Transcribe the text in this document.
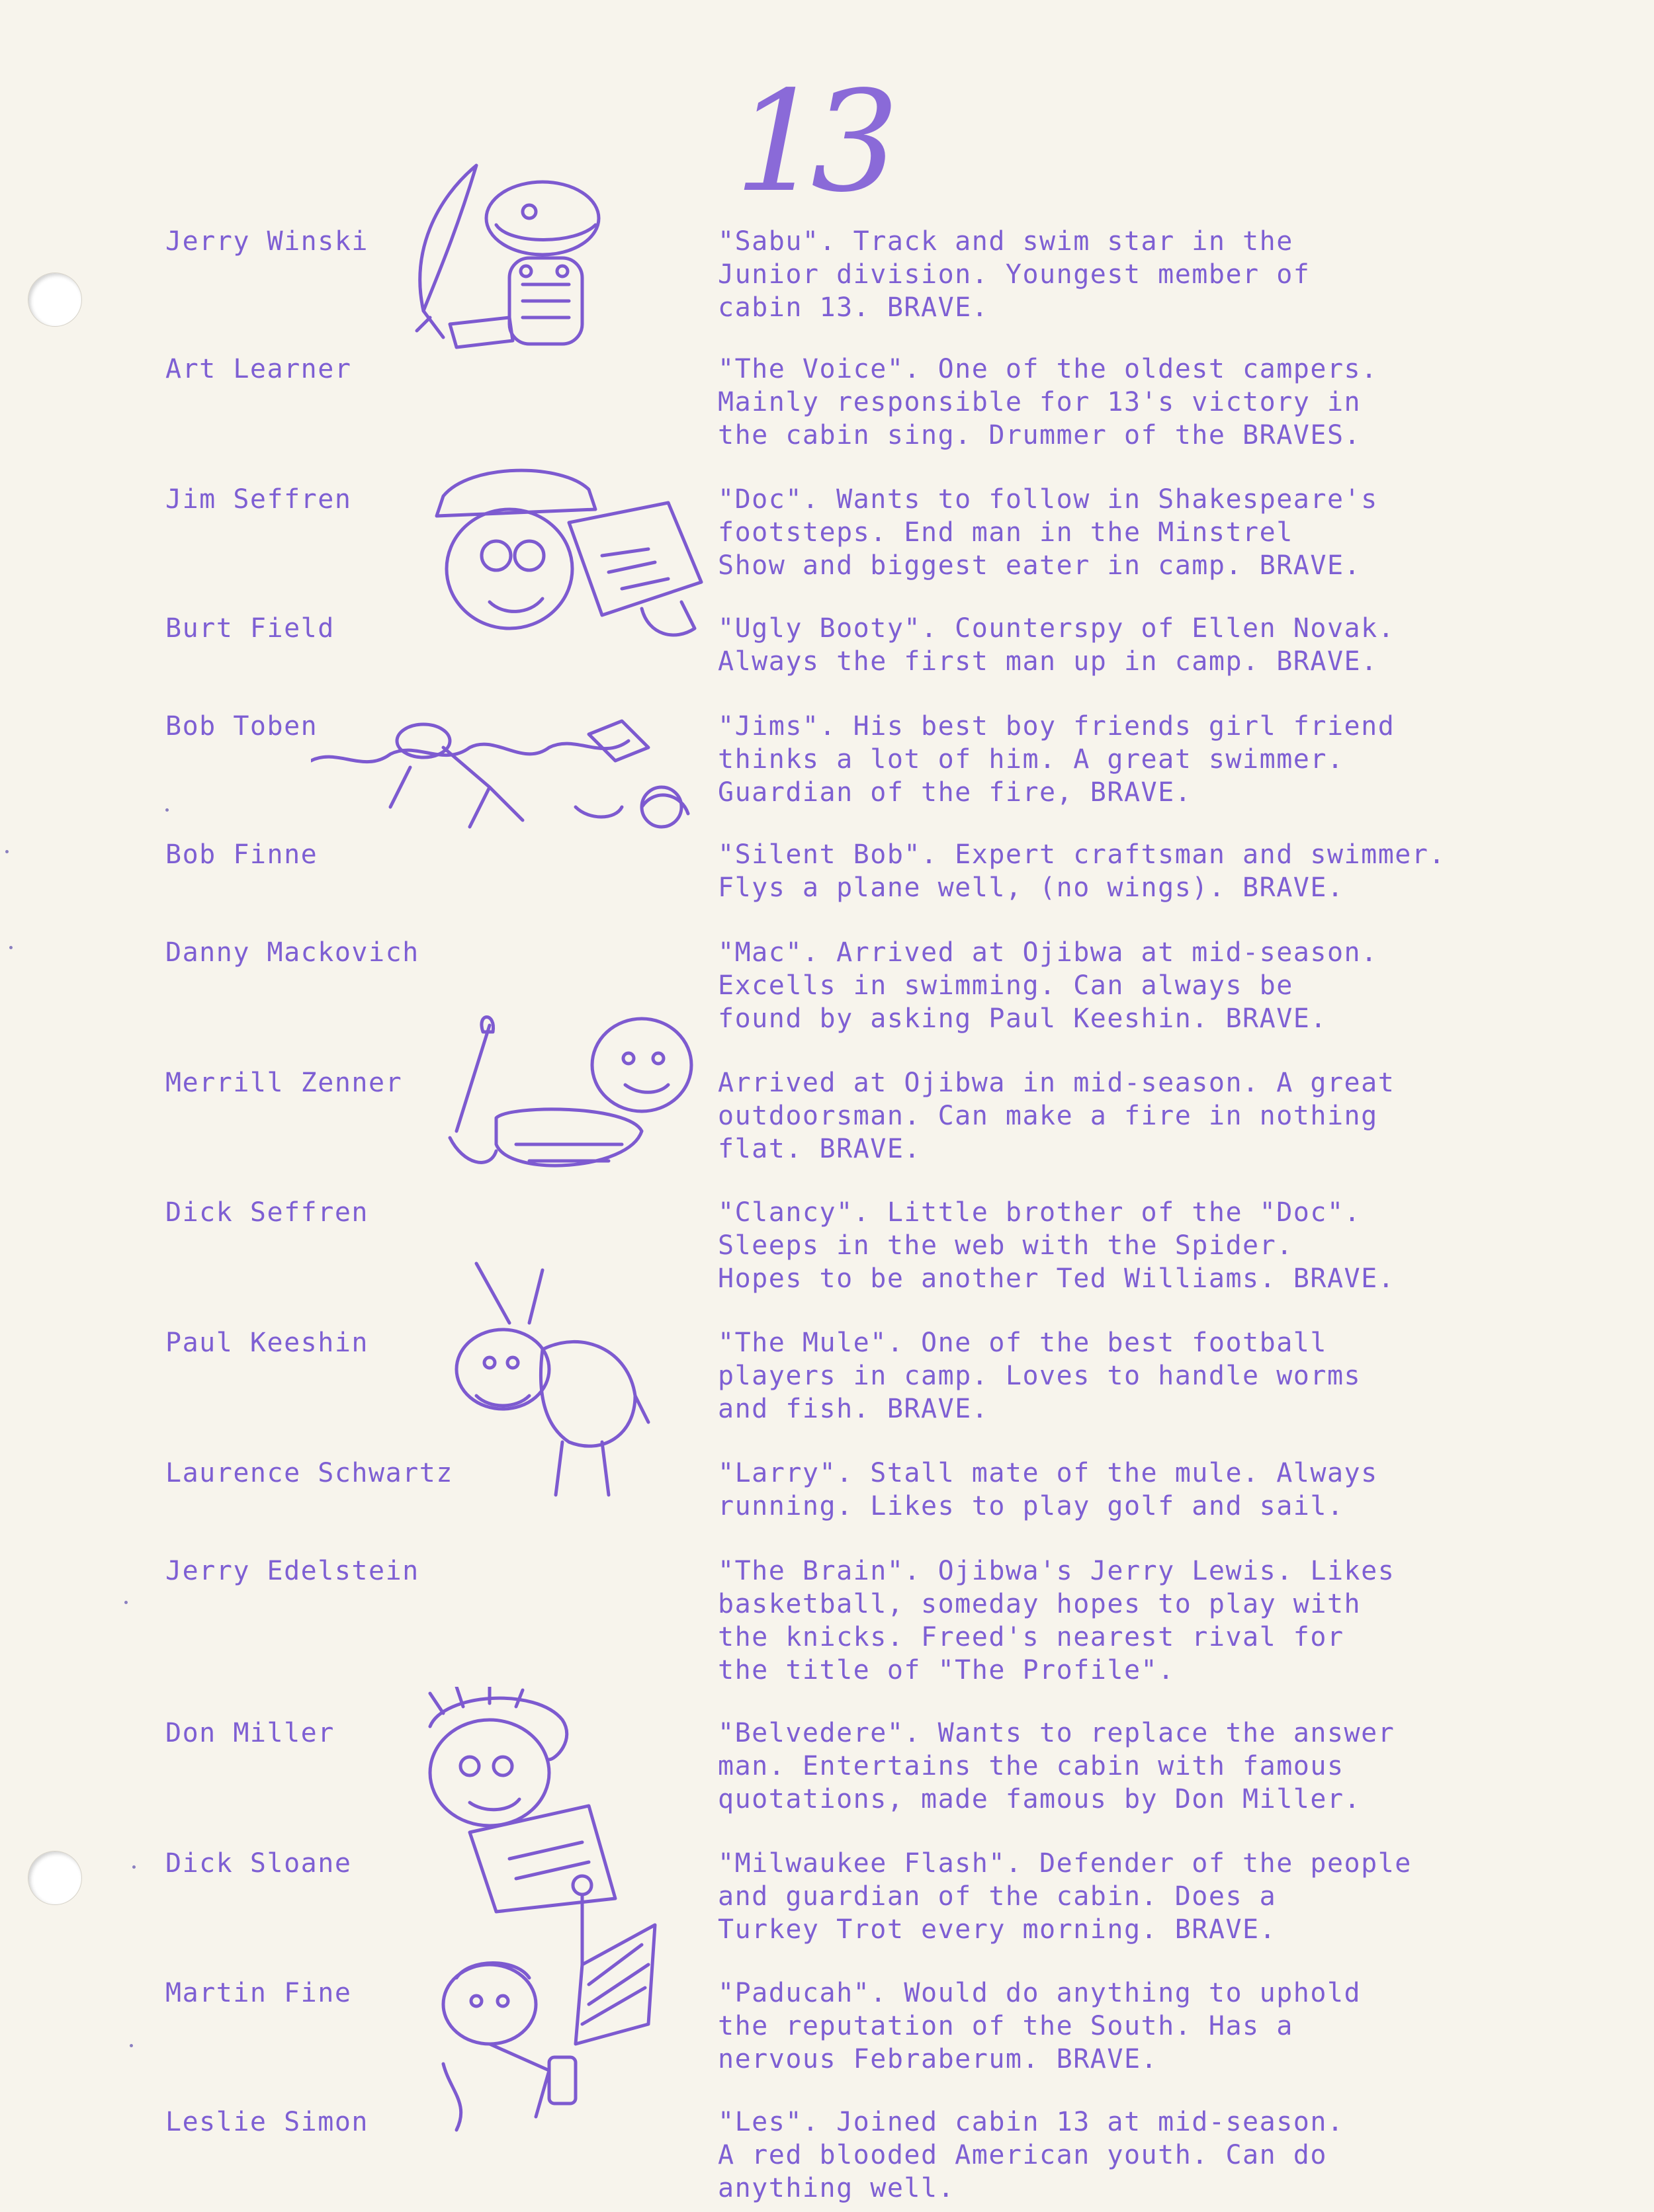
13
Jerry Winski
Art Learner
Jim Seffren
Burt Field
Bob Toben
Bob Finne
Danny Mackovich
Merrill Zenner
Dick Seffren
Paul Keeshin
Laurence Schwartz
Jerry Edelstein
Don Miller
Dick Sloane
Martin Fine
Leslie Simon
"Sabu". Track and swim star in the
Junior division. Youngest member of
cabin 13. BRAVE.
"The Voice". One of the oldest campers.
Mainly responsible for 13's victory in
the cabin sing. Drummer of the BRAVES.
"Doc". Wants to follow in Shakespeare's
footsteps. End man in the Minstrel
Show and biggest eater in camp. BRAVE.
"Ugly Booty". Counterspy of Ellen Novak.
Always the first man up in camp. BRAVE.
"Jims". His best boy friends girl friend
thinks a lot of him. A great swimmer.
Guardian of the fire, BRAVE.
"Silent Bob". Expert craftsman and swimmer.
Flys a plane well, (no wings). BRAVE.
"Mac". Arrived at Ojibwa at mid-season.
Excells in swimming. Can always be
found by asking Paul Keeshin. BRAVE.
Arrived at Ojibwa in mid-season. A great
outdoorsman. Can make a fire in nothing
flat. BRAVE.
"Clancy". Little brother of the "Doc".
Sleeps in the web with the Spider.
Hopes to be another Ted Williams. BRAVE.
"The Mule". One of the best football
players in camp. Loves to handle worms
and fish. BRAVE.
"Larry". Stall mate of the mule. Always
running. Likes to play golf and sail.
"The Brain". Ojibwa's Jerry Lewis. Likes
basketball, someday hopes to play with
the knicks. Freed's nearest rival for
the title of "The Profile".
"Belvedere". Wants to replace the answer
man. Entertains the cabin with famous
quotations, made famous by Don Miller.
"Milwaukee Flash". Defender of the people
and guardian of the cabin. Does a
Turkey Trot every morning. BRAVE.
"Paducah". Would do anything to uphold
the reputation of the South. Has a
nervous Febraberum. BRAVE.
"Les". Joined cabin 13 at mid-season.
A red blooded American youth. Can do
anything well.
